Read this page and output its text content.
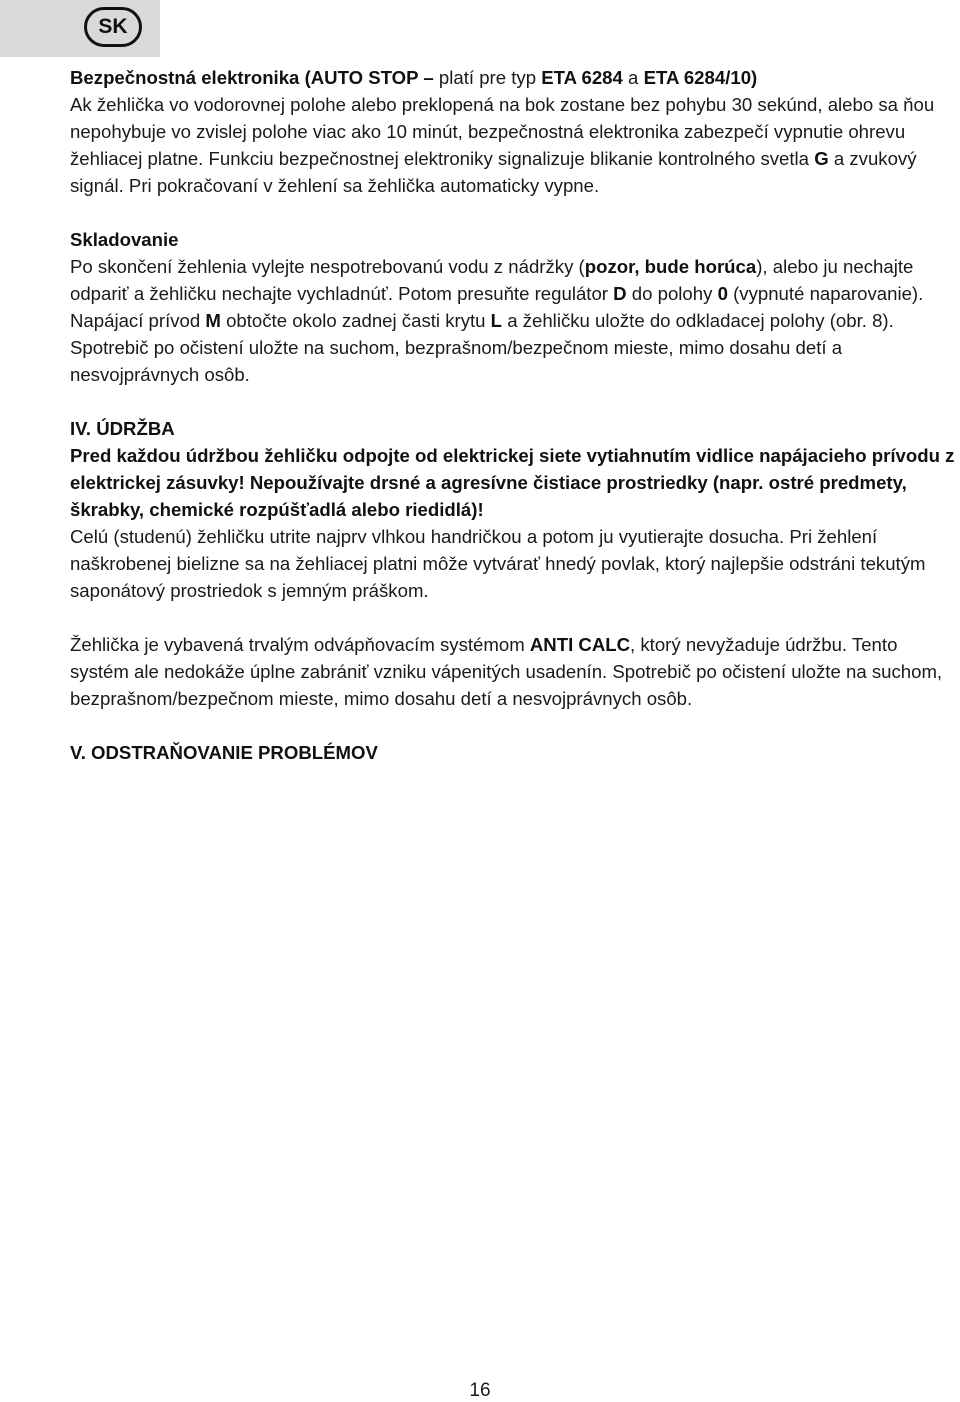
SK

Bezpečnostná elektronika (AUTO STOP – platí pre typ ETA 6284 a ETA 6284/10)
Ak žehlička vo vodorovnej polohe alebo preklopená na bok zostane bez pohybu 30 sekúnd, alebo sa ňou nepohybuje vo zvislej polohe viac ako 10 minút, bezpečnostná elektronika zabezpečí vypnutie ohrevu žehliacej platne. Funkciu bezpečnostnej elektroniky signalizuje blikanie kontrolného svetla G a zvukový signál. Pri pokračovaní v žehlení sa žehlička automaticky vypne.

Skladovanie
Po skončení žehlenia vylejte nespotrebovanú vodu z nádržky (pozor, bude horúca), alebo ju nechajte odpariť a žehličku nechajte vychladnúť. Potom presuňte regulátor D do polohy 0 (vypnuté naparovanie). Napájací prívod M obtočte okolo zadnej časti krytu L a žehličku uložte do odkladacej polohy (obr. 8). Spotrebič po očistení uložte na suchom, bezprašnom/bezpečnom mieste, mimo dosahu detí a nesvojprávnych osôb.

IV. ÚDRŽBA
Pred každou údržbou žehličku odpojte od elektrickej siete vytiahnutím vidlice napájacieho prívodu z elektrickej zásuvky! Nepoužívajte drsné a agresívne čistiace prostriedky (napr. ostré predmety, škrabky, chemické rozpúšťadlá alebo riedidlá)!
Celú (studenú) žehličku utrite najprv vlhkou handričkou a potom ju vyutierajte dosucha. Pri žehlení naškrobenej bielizne sa na žehliacej platni môže vytvárať hnedý povlak, ktorý najlepšie odstráni tekutým saponátový prostriedok s jemným práškom.

Žehlička je vybavená trvalým odvápňovacím systémom ANTI CALC, ktorý nevyžaduje údržbu. Tento systém ale nedokáže úplne zabrániť vzniku vápenitých usadenín. Spotrebič po očistení uložte na suchom, bezprašnom/bezpečnom mieste, mimo dosahu detí a nesvojprávnych osôb.

V. ODSTRAŇOVANIE PROBLÉMOV

16
